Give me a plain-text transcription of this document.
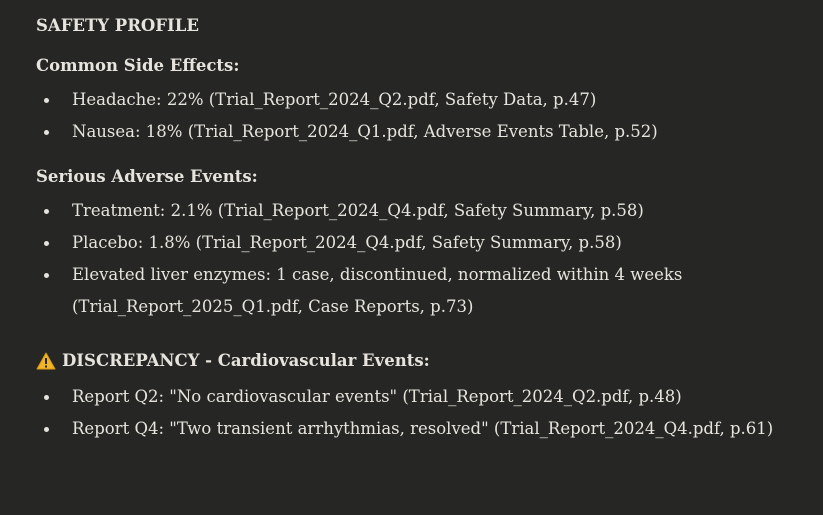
SAFETY PROFILE
Common Side Effects:
Headache: 22% (Trial_Report_2024_Q2.pdf, Safety Data, p.47)
Nausea: 18% (Trial_Report_2024_Q1.pdf, Adverse Events Table, p.52)
Serious Adverse Events:
Treatment: 2.1% (Trial_Report_2024_Q4.pdf, Safety Summary, p.58)
Placebo: 1.8% (Trial_Report_2024_Q4.pdf, Safety Summary, p.58)
Elevated liver enzymes: 1 case, discontinued, normalized within 4 weeks (Trial_Report_2025_Q1.pdf, Case Reports, p.73)
DISCREPANCY - Cardiovascular Events:
Report Q2: "No cardiovascular events" (Trial_Report_2024_Q2.pdf, p.48)
Report Q4: "Two transient arrhythmias, resolved" (Trial_Report_2024_Q4.pdf, p.61)
